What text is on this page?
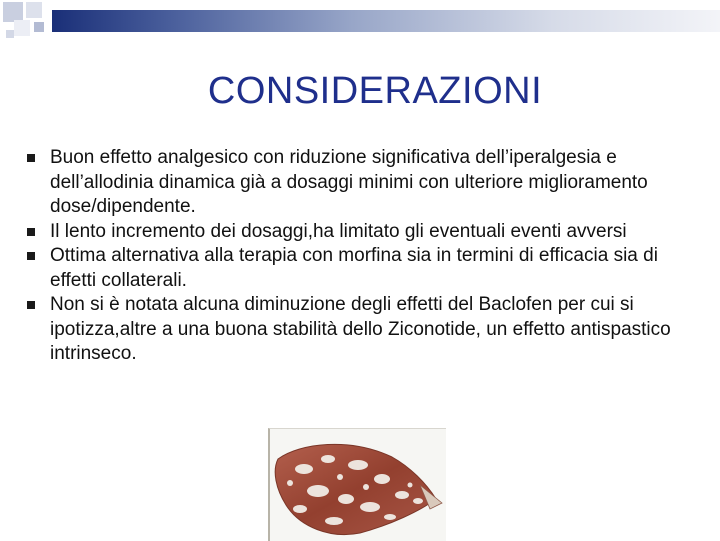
CONSIDERAZIONI
Buon effetto analgesico con riduzione significativa dell’iperalgesia e dell’allodinia dinamica già a dosaggi minimi con ulteriore miglioramento dose/dipendente.
Il lento incremento dei dosaggi,ha limitato gli eventuali eventi avversi
Ottima alternativa alla terapia con morfina sia in termini di efficacia sia di effetti collaterali.
Non si è notata alcuna diminuzione degli effetti del Baclofen per cui si ipotizza,altre a una buona stabilità dello Ziconotide, un effetto antispastico intrinseco.
